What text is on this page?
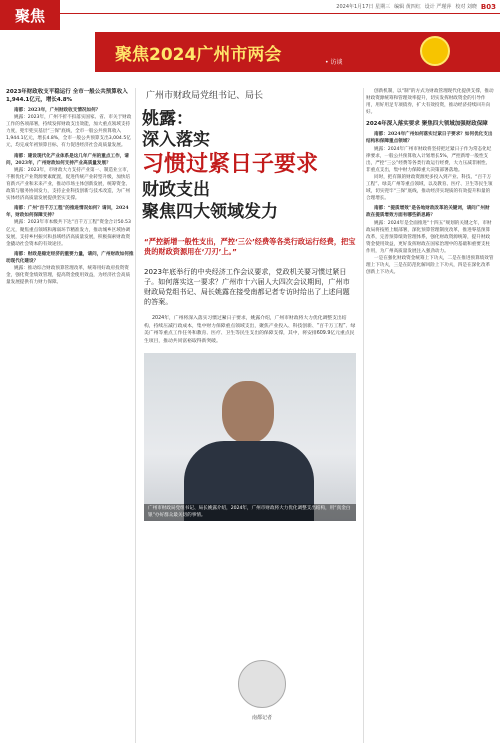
2024年1月17日 星期三 编辑 黄四红 设计 严瑾萍 校对 刘晓 B03
聚焦
聚焦2024广州市两会	• 访谈
2023年财政收支平稳运行 全市一般公共预算收入1,944.1亿元，增长4.8%

南都：2023年，广州财政收支情况如何？

姚露：2023年，广州不折不扣落实国家、省、市关于财政工作的各项部署，持续发挥财政支出效能，加大重点领域支持力度，兜牢兜实基层“三保”底线，全市一般公共预算收入1,944.1亿元，增长4.8%，全市一般公共预算支出3,004.5亿元，均完成年初预算目标，有力促进经济社会高质量发展。

南都：建设现代化产业体系是这几年广州的重点工作，请问，2023年，广州财政如何支持产业高质量发展？

姚露：2023年，市财政大力支持产业第一、制造业立市，不断优化产业资源要素配置，促进传统产业转型升级，加快培育新兴产业和未来产业，推动市场主体创新发展，统筹资金、政策与服务协同发力，支持企业科技创新与技术改造，为广州实体经济高质量发展提供坚实支撑。

南都：广州“百千万工程”的推进情况如何？请问，2024年，财政如何保障支持？

姚露：2023年市本级共下达“百千万工程”资金合计50.53亿元，聚焦重点领域和薄弱环节精准发力，推动城乡区域协调发展，支持乡村振兴和县域经济高质量发展，积极探索财政资金撬动社会资本的有效途径。

南都：财政是稳定经济的重要力量，请问，广州财政如何推动现代化建设？

姚露：推动综合财政预算管理改革，统筹用好政府投资资金，强化资金绩效管理，提高资金使用效益，为经济社会高质量发展提供有力财力保障。

广州市财政局党组书记、局长
姚露：
深入落实
习惯过紧日子要求
财政支出
聚焦四大领域发力
“严控新增一般性支出，严控‘三公’经费等各类行政运行经费，把宝贵的财政资源用在‘刀刃’上。”
2023年底举行的中央经济工作会议要求，党政机关要习惯过紧日子。如何落实这一要求？广州市十六届人大四次会议期间，广州市财政局党组书记、局长姚露在接受南都记者专访时给出了上述问题的答案。
2024年，广州将深入落实习惯过紧日子要求，姚露介绍，广州市财政将大力优化调整支出结构，持续压减行政成本，集中财力保障重点领域支出，聚焦产业投入、科技创新、“百千万工程”、绿美广州等重点工作任务和教育、医疗、卫生等民生支出的保障支撑，其中，将安排609.9亿元重点民生项目，推动共同富裕取得新突破。
广州市财政局党组书记、局长姚露介绍，2024年，广州市财政将大力优化调整支出结构，用“真金白银”办好群众最关切的事情。
南都记者

创新机制，以“制”的方式为财政管理现代化提供支撑，推动财政资源统筹和管理效率提升，切实发挥财政资金的引导作用，用好用足专项债券，扩大有效投资，推动经济持续回升向好。

2024年深入落实要求 聚焦四大领域加强财政保障

南都：2024年广州如何落实过紧日子要求？如何优化支出结构和保障重点领域？

姚露：2024年广州市财政将坚持把过紧日子作为常态化纪律要求，一般公共预算收入计划增长5%，严控新增一般性支出，严控“三公”经费等各类行政运行经费，大力压减非刚性、非重点支出，集中财力保障重大决策部署落地。

同时，把有限的财政资源更多投入到产业、科技、“百千万工程”、绿美广州等重点领域，以及教育、医疗、卫生等民生领域，切实兜牢“三保”底线，推动经济实现质的有效提升和量的合理增长。

南都：“提质增效”是各地财政改革的关键词，请问广州财政在提质增效方面有哪些新思路？

姚露：2024年是全面推进“十四五”规划的关键之年，市财政局将按照上级部署，深化预算管理制度改革，推进零基预算改革，完善预算绩效管理体系，强化财政资源统筹，提升财政资金使用效益，更好发挥财政在国家治理中的基础和重要支柱作用，为广州高质量发展注入强劲动力。

一是在强化财政资金统筹上下功夫，二是在推进预算绩效管理上下功夫，三是在防范化解风险上下功夫，四是在深化改革创新上下功夫。
